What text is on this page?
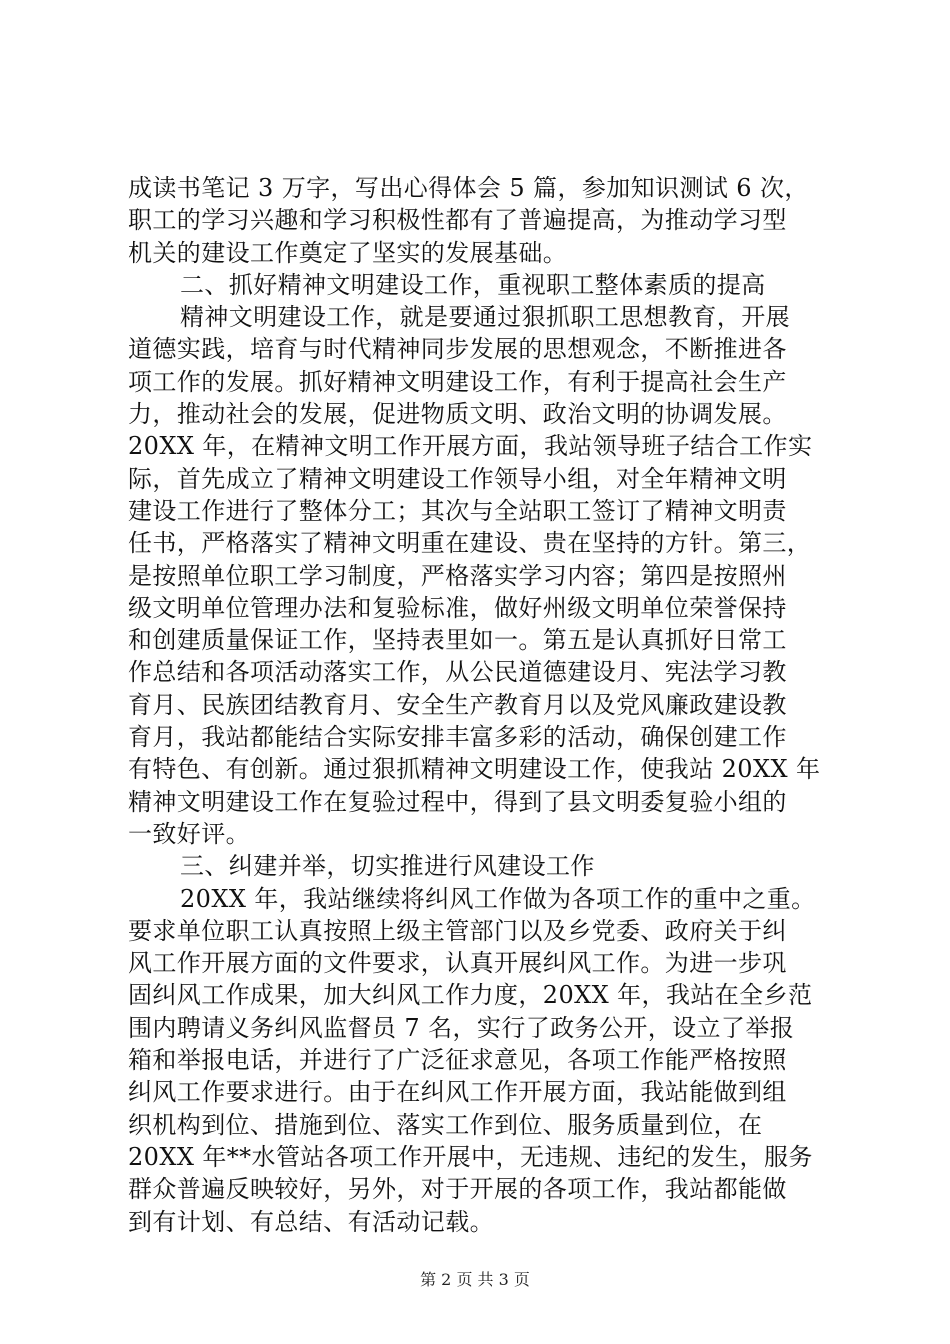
成读书笔记 3 万字，写出心得体会 5 篇，参加知识测试 6 次，
职工的学习兴趣和学习积极性都有了普遍提高，为推动学习型
机关的建设工作奠定了坚实的发展基础。
二、抓好精神文明建设工作，重视职工整体素质的提高
精神文明建设工作，就是要通过狠抓职工思想教育，开展
道德实践，培育与时代精神同步发展的思想观念，不断推进各
项工作的发展。抓好精神文明建设工作，有利于提高社会生产
力，推动社会的发展，促进物质文明、政治文明的协调发展。
20XX 年，在精神文明工作开展方面，我站领导班子结合工作实
际，首先成立了精神文明建设工作领导小组，对全年精神文明
建设工作进行了整体分工；其次与全站职工签订了精神文明责
任书，严格落实了精神文明重在建设、贵在坚持的方针。第三，
是按照单位职工学习制度，严格落实学习内容；第四是按照州
级文明单位管理办法和复验标准，做好州级文明单位荣誉保持
和创建质量保证工作，坚持表里如一。第五是认真抓好日常工
作总结和各项活动落实工作，从公民道德建设月、宪法学习教
育月、民族团结教育月、安全生产教育月以及党风廉政建设教
育月，我站都能结合实际安排丰富多彩的活动，确保创建工作
有特色、有创新。通过狠抓精神文明建设工作，使我站 20XX 年
精神文明建设工作在复验过程中，得到了县文明委复验小组的
一致好评。
三、纠建并举，切实推进行风建设工作
20XX 年，我站继续将纠风工作做为各项工作的重中之重。
要求单位职工认真按照上级主管部门以及乡党委、政府关于纠
风工作开展方面的文件要求，认真开展纠风工作。为进一步巩
固纠风工作成果，加大纠风工作力度，20XX 年，我站在全乡范
围内聘请义务纠风监督员 7 名，实行了政务公开，设立了举报
箱和举报电话，并进行了广泛征求意见，各项工作能严格按照
纠风工作要求进行。由于在纠风工作开展方面，我站能做到组
织机构到位、措施到位、落实工作到位、服务质量到位，在
20XX 年**水管站各项工作开展中，无违规、违纪的发生，服务
群众普遍反映较好，另外，对于开展的各项工作，我站都能做
到有计划、有总结、有活动记载。
第 2 页 共 3 页
